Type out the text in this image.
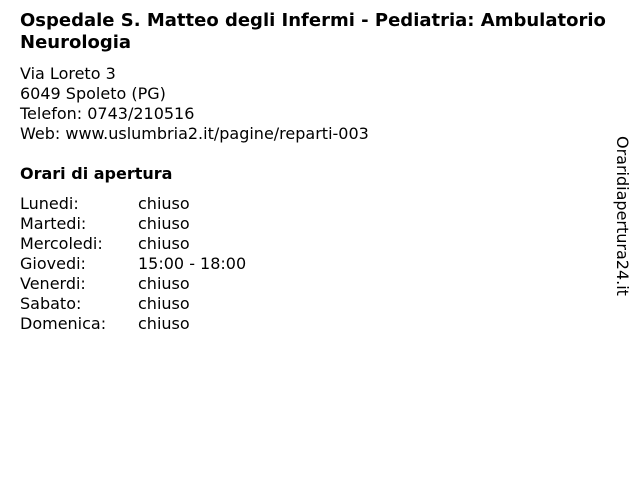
Ospedale S. Matteo degli Infermi - Pediatria: Ambulatorio Neurologia
Via Loreto 3
6049 Spoleto (PG)
Telefon: 0743/210516
Web: www.uslumbria2.it/pagine/reparti-003
Orari di apertura
Lunedi:	chiuso
Martedi:	chiuso
Mercoledi:	chiuso
Giovedi:	15:00 - 18:00
Venerdi:	chiuso
Sabato:	chiuso
Domenica:	chiuso
Oraridiapertura24.it
